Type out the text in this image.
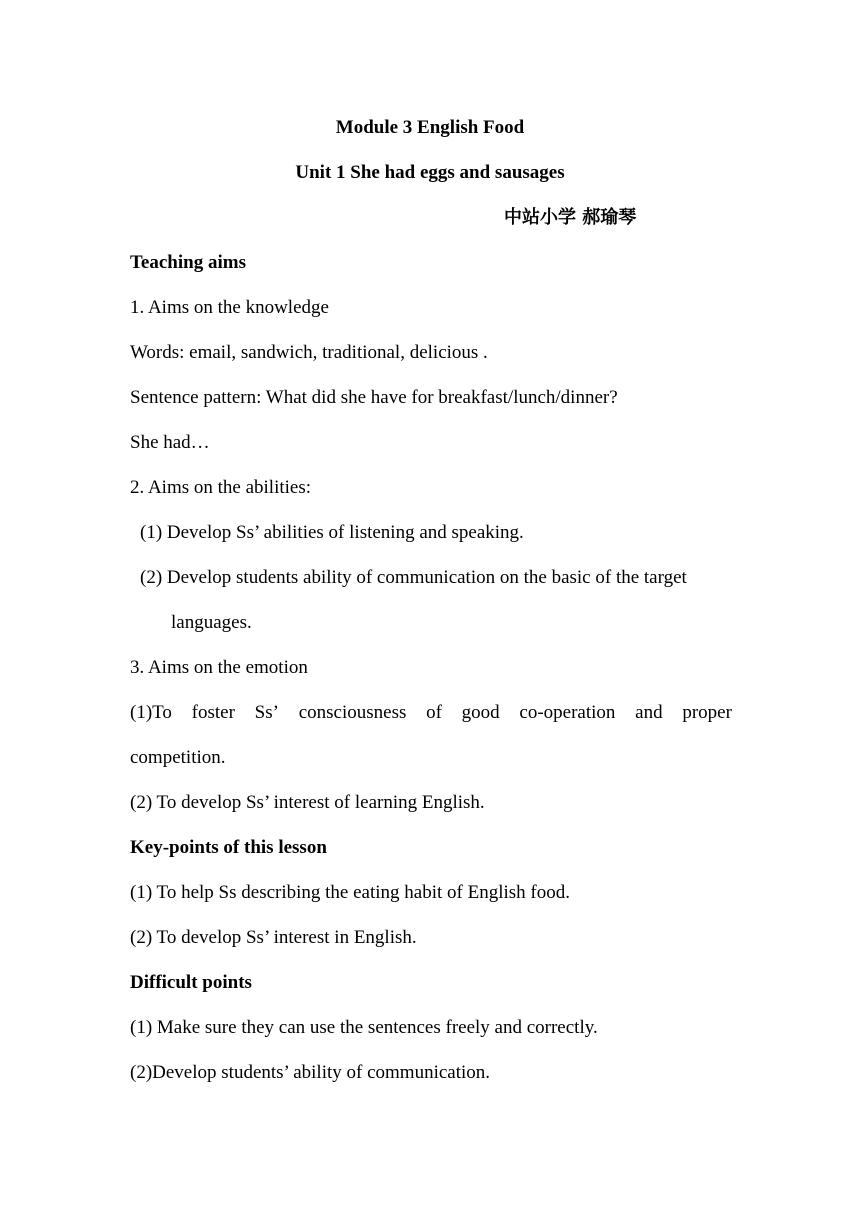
Module 3 English Food
Unit 1 She had eggs and sausages
中站小学 郝瑜琴
Teaching aims
1. Aims on the knowledge
Words: email, sandwich, traditional, delicious .
Sentence pattern: What did she have for breakfast/lunch/dinner?
She had…
2. Aims on the abilities:
(1) Develop Ss’ abilities of listening and speaking.
(2) Develop students ability of communication on the basic of the target
languages.
3. Aims on the emotion
(1)To foster Ss’ consciousness of good co-operation and proper
competition.
(2) To develop Ss’ interest of learning English.
Key-points of this lesson
(1) To help Ss describing the eating habit of English food.
(2) To develop Ss’ interest in English.
Difficult points
(1) Make sure they can use the sentences freely and correctly.
(2)Develop students’ ability of communication.
